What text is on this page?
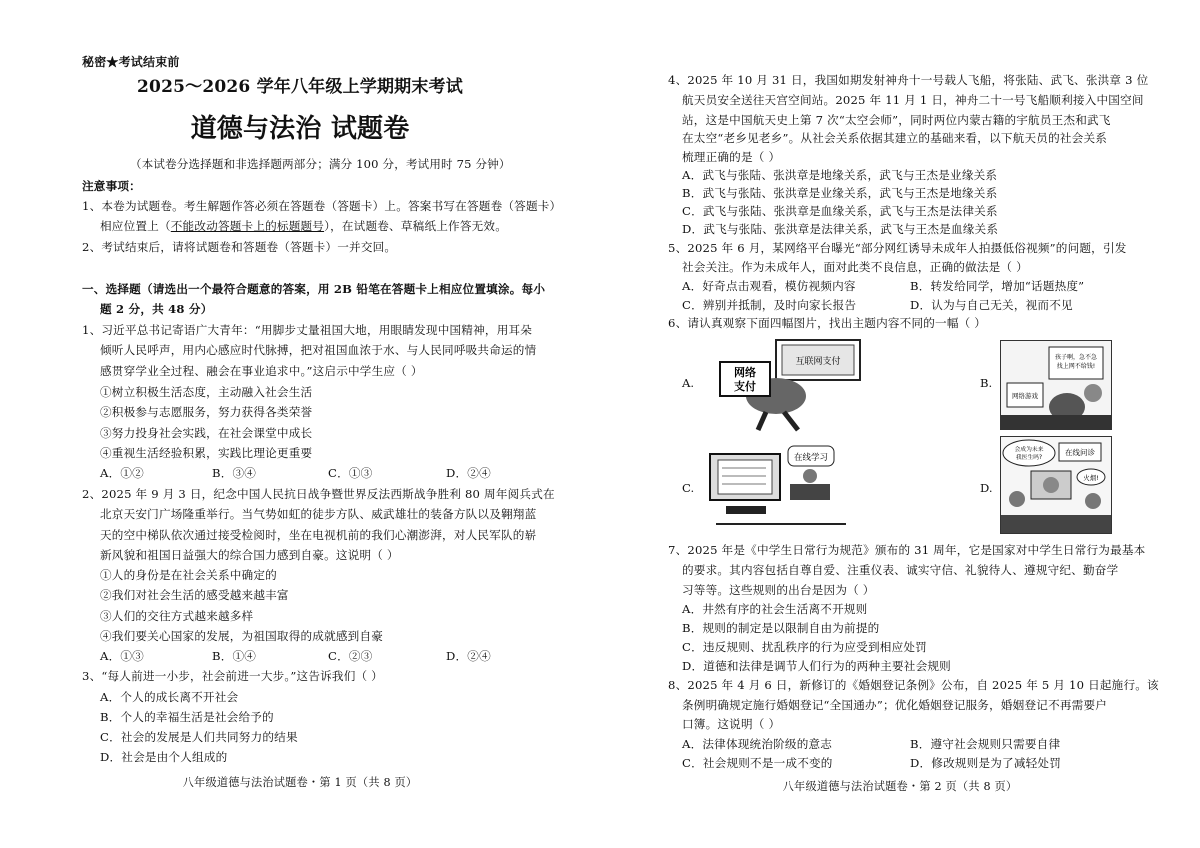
秘密★考试结束前
2025～2026 学年八年级上学期期末考试
道德与法治 试题卷
（本试卷分选择题和非选择题两部分；满分 100 分，考试用时 75 分钟）
注意事项：
1、本卷为试题卷。考生解题作答必须在答题卷（答题卡）上。答案书写在答题卷（答题卡）
相应位置上（不能改动答题卡上的标题题号），在试题卷、草稿纸上作答无效。
2、考试结束后，请将试题卷和答题卷（答题卡）一并交回。
一、选择题（请选出一个最符合题意的答案，用 2B 铅笔在答题卡上相应位置填涂。每小
题 2 分，共 48 分）
1、习近平总书记寄语广大青年：“用脚步丈量祖国大地，用眼睛发现中国精神，用耳朵
倾听人民呼声，用内心感应时代脉搏，把对祖国血浓于水、与人民同呼吸共命运的情
感贯穿学业全过程、融会在事业追求中。”这启示中学生应（ ）
①树立积极生活态度，主动融入社会生活
②积极参与志愿服务，努力获得各类荣誉
③努力投身社会实践，在社会课堂中成长
④重视生活经验积累，实践比理论更重要
A．①②	B．③④	C．①③	D．②④
2、2025 年 9 月 3 日，纪念中国人民抗日战争暨世界反法西斯战争胜利 80 周年阅兵式在
北京天安门广场隆重举行。当气势如虹的徒步方队、威武雄壮的装备方队以及翱翔蓝
天的空中梯队依次通过接受检阅时，坐在电视机前的我们心潮澎湃，对人民军队的崭
新风貌和祖国日益强大的综合国力感到自豪。这说明（ ）
①人的身份是在社会关系中确定的
②我们对社会生活的感受越来越丰富
③人们的交往方式越来越多样
④我们要关心国家的发展，为祖国取得的成就感到自豪
A．①③	B．①④	C．②③	D．②④
3、“每人前进一小步，社会前进一大步。”这告诉我们（ ）
A．个人的成长离不开社会
B．个人的幸福生活是社会给予的
C．社会的发展是人们共同努力的结果
D．社会是由个人组成的
八年级道德与法治试题卷・第 1 页（共 8 页）
4、2025 年 10 月 31 日，我国如期发射神舟十一号载人飞船，将张陆、武飞、张洪章 3 位
航天员安全送往天宫空间站。2025 年 11 月 1 日，神舟二十一号飞船顺利接入中国空间
站，这是中国航天史上第 7 次“太空会师”，同时两位内蒙古籍的宇航员王杰和武飞
在太空“老乡见老乡”。从社会关系依据其建立的基础来看，以下航天员的社会关系
梳理正确的是（ ）
A．武飞与张陆、张洪章是地缘关系，武飞与王杰是业缘关系
B．武飞与张陆、张洪章是业缘关系，武飞与王杰是地缘关系
C．武飞与张陆、张洪章是血缘关系，武飞与王杰是法律关系
D．武飞与张陆、张洪章是法律关系，武飞与王杰是血缘关系
5、2025 年 6 月，某网络平台曝光“部分网红诱导未成年人拍摄低俗视频”的问题，引发
社会关注。作为未成年人，面对此类不良信息，正确的做法是（ ）
A．好奇点击观看，模仿视频内容	B．转发给同学，增加“话题热度”
C．辨别并抵制，及时向家长报告	D．认为与自己无关，视而不见
6、请认真观察下面四幅图片，找出主题内容不同的一幅（ ）
A.
互联网支付
网络
支付	B.
孩子啊，急不急
找上网不给钱!
网络游戏
C.
在线学习
D.
会成为未来
我医生吗?
在线问诊
火烟!
7、2025 年是《中学生日常行为规范》颁布的 31 周年，它是国家对中学生日常行为最基本
的要求。其内容包括自尊自爱、注重仪表、诚实守信、礼貌待人、遵规守纪、勤奋学
习等等。这些规则的出台是因为（ ）
A．井然有序的社会生活离不开规则
B．规则的制定是以限制自由为前提的
C．违反规则、扰乱秩序的行为应受到相应处罚
D．道德和法律是调节人们行为的两种主要社会规则
8、2025 年 4 月 6 日，新修订的《婚姻登记条例》公布，自 2025 年 5 月 10 日起施行。该
条例明确规定施行婚姻登记“全国通办”；优化婚姻登记服务，婚姻登记不再需要户
口簿。这说明（ ）
A．法律体现统治阶级的意志	B．遵守社会规则只需要自律
C．社会规则不是一成不变的	D．修改规则是为了减轻处罚
八年级道德与法治试题卷・第 2 页（共 8 页）
